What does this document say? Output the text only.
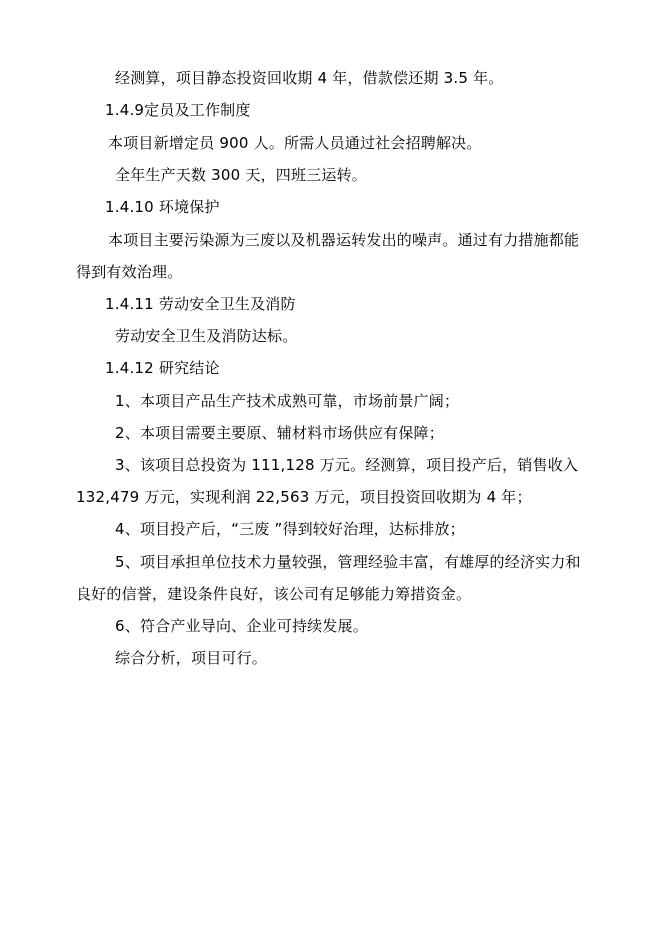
经测算，项目静态投资回收期 4 年，借款偿还期 3.5 年。
1.4.9定员及工作制度
本项目新增定员 900 人。所需人员通过社会招聘解决。
全年生产天数 300 天，四班三运转。
1.4.10 环境保护
本项目主要污染源为三废以及机器运转发出的噪声。通过有力措施都能
得到有效治理。
1.4.11 劳动安全卫生及消防
劳动安全卫生及消防达标。
1.4.12 研究结论
1、本项目产品生产技术成熟可靠，市场前景广阔；
2、本项目需要主要原、辅材料市场供应有保障；
3、该项目总投资为 111,128 万元。经测算，项目投产后，销售收入
132,479 万元，实现利润 22,563 万元，项目投资回收期为 4 年；
4、项目投产后，“三废 ”得到较好治理，达标排放；
5、项目承担单位技术力量较强，管理经验丰富，有雄厚的经济实力和
良好的信誉，建设条件良好，该公司有足够能力筹措资金。
6、符合产业导向、企业可持续发展。
综合分析，项目可行。
